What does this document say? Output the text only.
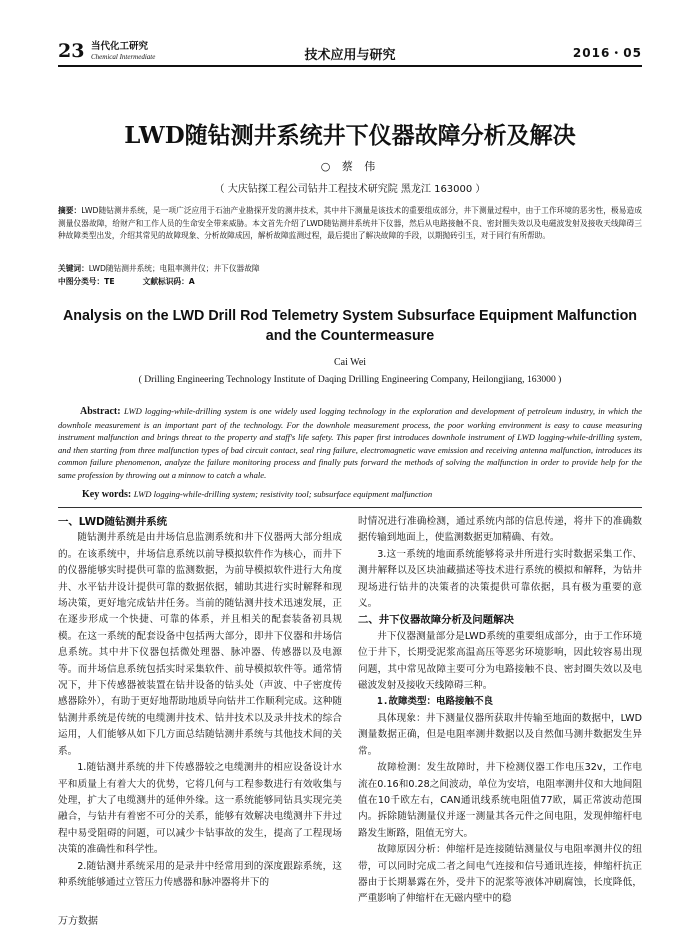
23 当代化工研究
Chemical Intermediate	技术应用与研究	2016・05
LWD随钻测井系统井下仪器故障分析及解决
○ 蔡 伟
（ 大庆钻探工程公司钻井工程技术研究院 黑龙江 163000 ）
摘要：LWD随钻测井系统，是一项广泛应用于石油产业勘探开发的测井技术，其中井下测量是该技术的重要组成部分，井下测量过程中，由于工作环境的恶劣性，极易造成测量仪器故障，给财产和工作人员的生命安全带来威胁。本文首先介绍了LWD随钻测井系统井下仪器，然后从电路接触不良、密封圈失效以及电磁波发射及接收天线障碍三种故障类型出发，介绍其常见的故障现象、分析故障成因，解析故障监测过程，最后提出了解决故障的手段，以期抛砖引玉，对于同行有所帮助。
关键词：LWD随钻测井系统；电阻率测井仪；井下仪器故障
中图分类号：TE	文献标识码：A
Analysis on the LWD Drill Rod Telemetry System Subsurface Equipment Malfunction
and the Countermeasure
Cai Wei
( Drilling Engineering Technology Institute of Daqing Drilling Engineering Company, Heilongjiang, 163000 )
Abstract: LWD logging-while-drilling system is one widely used logging technology in the exploration and development of petroleum industry, in which the downhole measurement is an important part of the technology. For the downhole measurement process, the poor working environment is easy to cause measuring instrument malfunction and brings threat to the property and staff's life safety. This paper first introduces downhole instrument of LWD logging-while-drilling system, and then starting from three malfunction types of bad circuit contact, seal ring failure, electromagnetic wave emission and receiving antenna malfunction, introduces its common failure phenomenon, analyze the failure monitoring process and finally puts forward the methods of solving the malfunction in order to provide help for the same profession by throwing out a minnow to catch a whale.
Key words: LWD logging-while-drilling system; resistivity tool; subsurface equipment malfunction
一、LWD随钻测井系统

随钻测井系统是由井场信息监测系统和井下仪器两大部分组成的。在该系统中，井场信息系统以前导模拟软件作为核心，而井下的仪器能够实时提供可靠的监测数据，为前导模拟软件进行大角度井、水平钻井设计提供可靠的数据依据，辅助其进行实时解释和现场决策，更好地完成钻井任务。当前的随钻测井技术迅速发展，正在逐步形成一个快捷、可靠的体系，并且相关的配套装备初具规模。在这一系统的配套设备中包括两大部分，即井下仪器和井场信息系统。其中井下仪器包括微处理器、脉冲器、传感器以及电源等。而井场信息系统包括实时采集软件、前导模拟软件等。通常情况下，井下传感器被装置在钻井设备的钻头处（声波、中子密度传感器除外），有助于更好地帮助地质导向钻井工作顺利完成。这种随钻测井系统是传统的电缆测井技术、钻井技术以及录井技术的综合运用，人们能够从如下几方面总结随钻测井系统与其他技术间的关系。

1.随钻测井系统的井下传感器较之电缆测井的相应设备设计水平和质量上有着大大的优势，它将几何与工程参数进行有效收集与处理，扩大了电缆测井的延伸外缘。这一系统能够同钻具实现完美融合，与钻井有着密不可分的关系，能够有效解决电缆测井下井过程中易受阻碍的问题，可以减少卡钻事故的发生，提高了工程现场决策的准确性和科学性。

2.随钻测井系统采用的是录井中经常用到的深度跟踪系统，这种系统能够通过立管压力传感器和脉冲器将井下的

时情况进行准确检测，通过系统内部的信息传递，将井下的准确数据传输到地面上，使监测数据更加精确、有效。

3.这一系统的地面系统能够将录井所进行实时数据采集工作、测井解释以及区块油藏描述等技术进行系统的模拟和解释，为钻井现场进行钻井的决策者的决策提供可靠依据，具有极为重要的意义。

二、井下仪器故障分析及问题解决

井下仪器测量部分是LWD系统的重要组成部分，由于工作环境位于井下，长期受泥浆高温高压等恶劣环境影响，因此较容易出现问题，其中常见故障主要可分为电路接触不良、密封圈失效以及电磁波发射及接收天线障碍三种。

1.故障类型：电路接触不良

具体现象：井下测量仪器所获取井传输至地面的数据中，LWD测量数据正确，但是电阻率测井数据以及自然伽马测井数据发生异常。

故障检测：发生故障时，井下检测仪器工作电压32v，工作电流在0.16和0.28之间波动，单位为安培，电阻率测井仪和大地间阻值在10千欧左右，CAN通讯线系统电阻值77欧，属正常波动范围内。拆除随钻测量仪并逐一测量其各元件之间电阻，发现伸缩杆电路发生断路，阻值无穷大。

故障原因分析：伸缩杆是连接随钻测量仪与电阻率测井仪的纽带，可以同时完成二者之间电气连接和信号通讯连接，伸缩杆抗正器由于长期暴露在外，受井下的泥浆等液体冲刷腐蚀，长度降低，严重影响了伸缩杆在无磁内壁中的稳

万方数据
